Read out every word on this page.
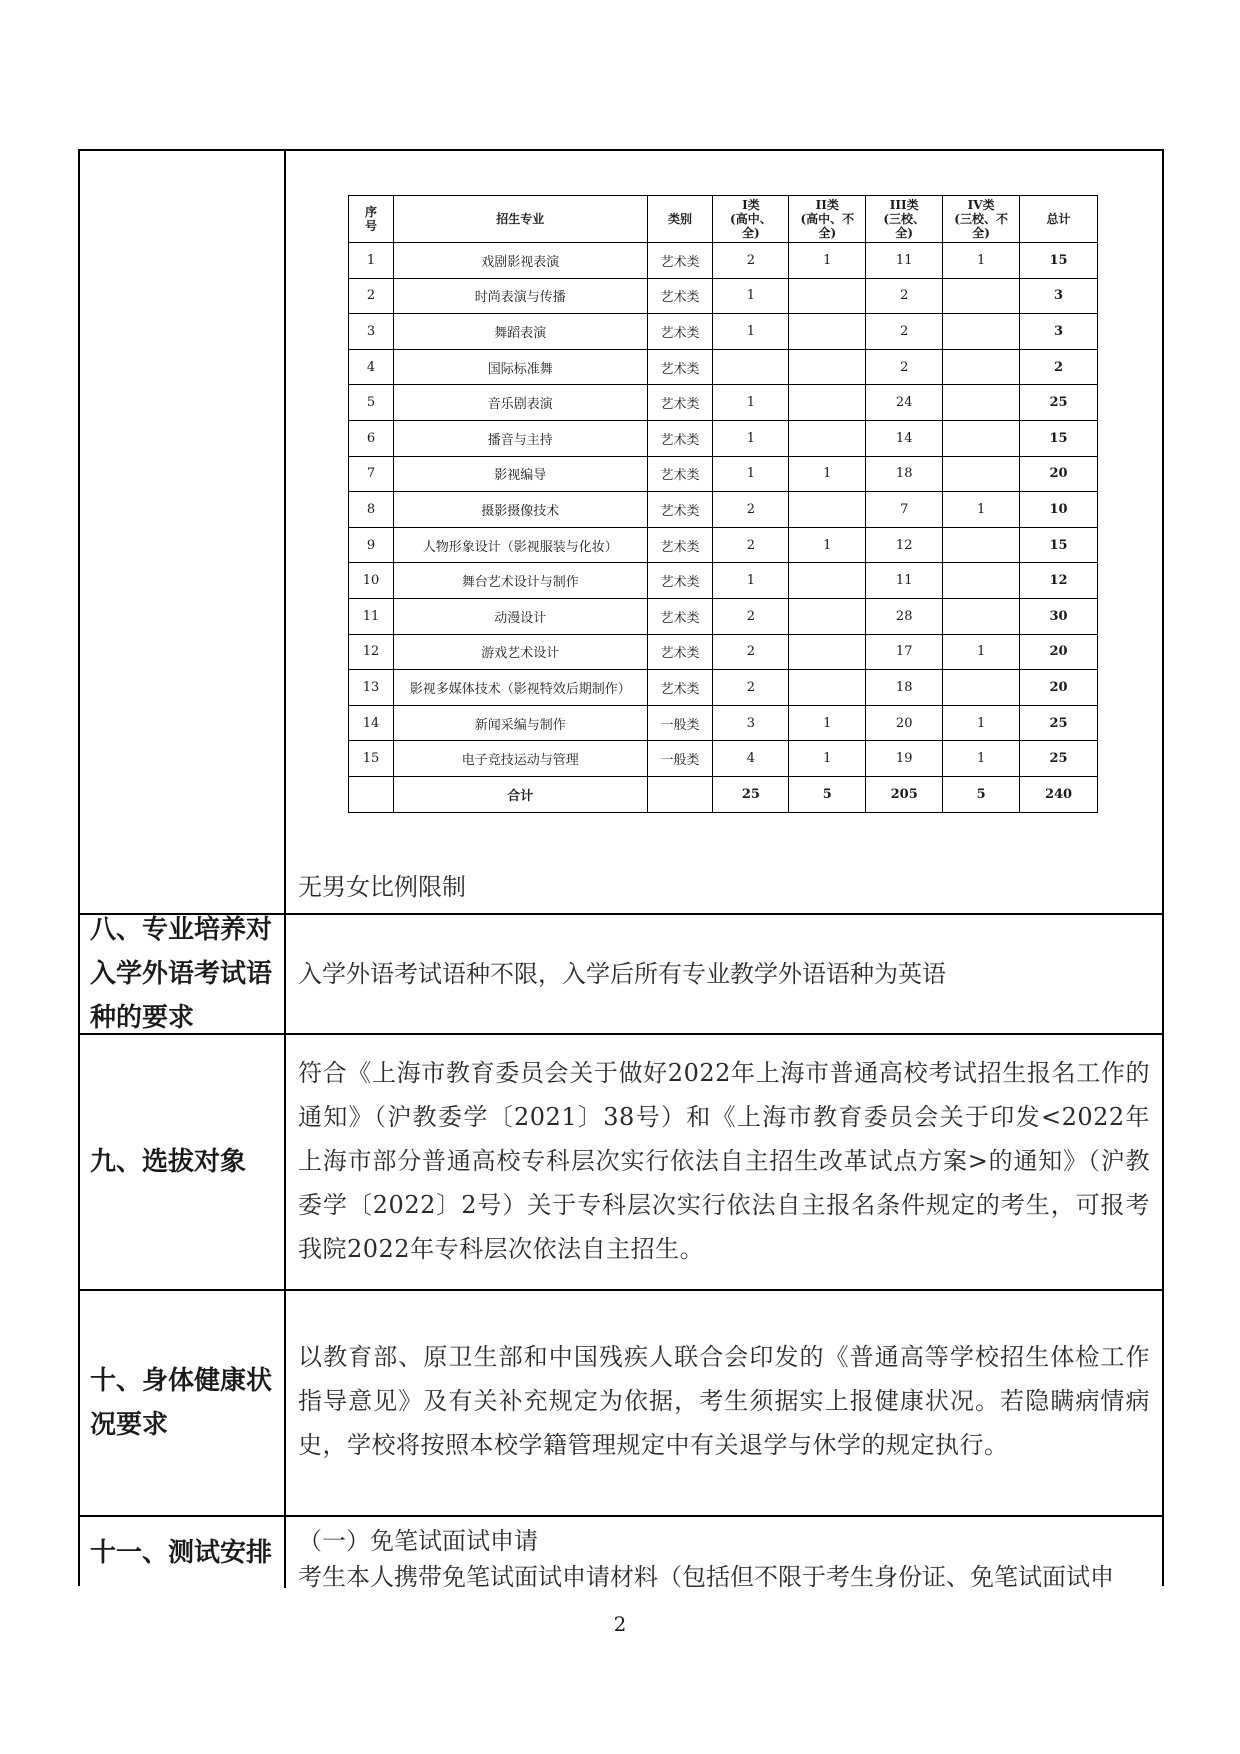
无男女比例限制
八、专业培养对入学外语考试语种的要求
入学外语考试语种不限，入学后所有专业教学外语语种为英语
九、选拔对象
符合《上海市教育委员会关于做好2022年上海市普通高校考试招生报名工作的通知》（沪教委学〔2021〕38号）和《上海市教育委员会关于印发<2022年上海市部分普通高校专科层次实行依法自主招生改革试点方案>的通知》（沪教委学〔2022〕2号）关于专科层次实行依法自主报名条件规定的考生，可报考我院2022年专科层次依法自主招生。
十、身体健康状况要求
以教育部、原卫生部和中国残疾人联合会印发的《普通高等学校招生体检工作指导意见》及有关补充规定为依据，考生须据实上报健康状况。若隐瞒病情病史，学校将按照本校学籍管理规定中有关退学与休学的规定执行。
十一、测试安排	（一）免笔试面试申请
考生本人携带免笔试面试申请材料（包括但不限于考生身份证、免笔试面试申
序
号	招生专业	类别	I类
(高中、
全)	II类
(高中、不
全)	III类
(三校、
全)	IV类
(三校、不
全)	总计
1	戏剧影视表演	艺术类	2	1	11	1	15
2	时尚表演与传播	艺术类	1		2		3
3	舞蹈表演	艺术类	1		2		3
4	国际标准舞	艺术类			2		2
5	音乐剧表演	艺术类	1		24		25
6	播音与主持	艺术类	1		14		15
7	影视编导	艺术类	1	1	18		20
8	摄影摄像技术	艺术类	2		7	1	10
9	人物形象设计（影视服装与化妆）	艺术类	2	1	12		15
10	舞台艺术设计与制作	艺术类	1		11		12
11	动漫设计	艺术类	2		28		30
12	游戏艺术设计	艺术类	2		17	1	20
13	影视多媒体技术（影视特效后期制作）	艺术类	2		18		20
14	新闻采编与制作	一般类	3	1	20	1	25
15	电子竞技运动与管理	一般类	4	1	19	1	25
	合计		25	5	205	5	240
2
